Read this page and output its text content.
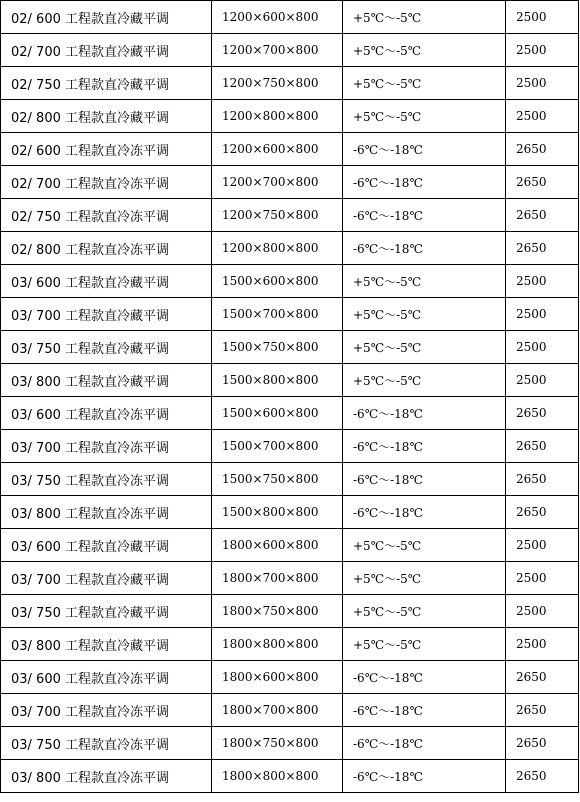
02/ 600 工程款直冷藏平调	1200×600×800	+5℃～-5℃	2500
02/ 700 工程款直冷藏平调	1200×700×800	+5℃～-5℃	2500
02/ 750 工程款直冷藏平调	1200×750×800	+5℃～-5℃	2500
02/ 800 工程款直冷藏平调	1200×800×800	+5℃～-5℃	2500
02/ 600 工程款直冷冻平调	1200×600×800	-6℃～-18℃	2650
02/ 700 工程款直冷冻平调	1200×700×800	-6℃～-18℃	2650
02/ 750 工程款直冷冻平调	1200×750×800	-6℃～-18℃	2650
02/ 800 工程款直冷冻平调	1200×800×800	-6℃～-18℃	2650
03/ 600 工程款直冷藏平调	1500×600×800	+5℃～-5℃	2500
03/ 700 工程款直冷藏平调	1500×700×800	+5℃～-5℃	2500
03/ 750 工程款直冷藏平调	1500×750×800	+5℃～-5℃	2500
03/ 800 工程款直冷藏平调	1500×800×800	+5℃～-5℃	2500
03/ 600 工程款直冷冻平调	1500×600×800	-6℃～-18℃	2650
03/ 700 工程款直冷冻平调	1500×700×800	-6℃～-18℃	2650
03/ 750 工程款直冷冻平调	1500×750×800	-6℃～-18℃	2650
03/ 800 工程款直冷冻平调	1500×800×800	-6℃～-18℃	2650
03/ 600 工程款直冷藏平调	1800×600×800	+5℃～-5℃	2500
03/ 700 工程款直冷藏平调	1800×700×800	+5℃～-5℃	2500
03/ 750 工程款直冷藏平调	1800×750×800	+5℃～-5℃	2500
03/ 800 工程款直冷藏平调	1800×800×800	+5℃～-5℃	2500
03/ 600 工程款直冷冻平调	1800×600×800	-6℃～-18℃	2650
03/ 700 工程款直冷冻平调	1800×700×800	-6℃～-18℃	2650
03/ 750 工程款直冷冻平调	1800×750×800	-6℃～-18℃	2650
03/ 800 工程款直冷冻平调	1800×800×800	-6℃～-18℃	2650
